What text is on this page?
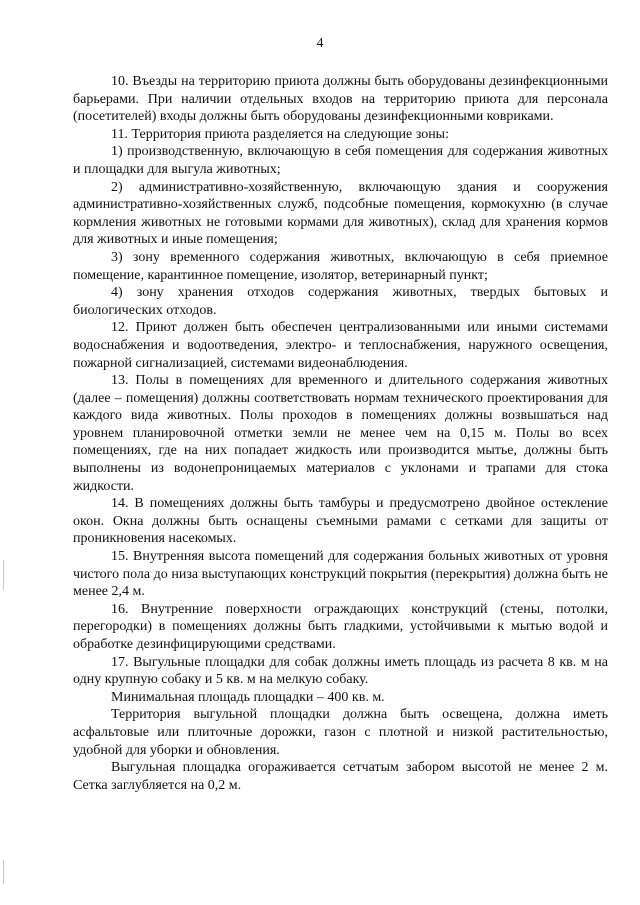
4

10. Въезды на территорию приюта должны быть оборудованы дезинфекционными барьерами. При наличии отдельных входов на территорию приюта для персонала (посетителей) входы должны быть оборудованы дезинфекционными ковриками.

11. Территория приюта разделяется на следующие зоны:

1) производственную, включающую в себя помещения для содержания животных и площадки для выгула животных;

2) административно-хозяйственную, включающую здания и сооружения административно-хозяйственных служб, подсобные помещения, кормокухню (в случае кормления животных не готовыми кормами для животных), склад для хранения кормов для животных и иные помещения;

3) зону временного содержания животных, включающую в себя приемное помещение, карантинное помещение, изолятор, ветеринарный пункт;

4) зону хранения отходов содержания животных, твердых бытовых и биологических отходов.

12. Приют должен быть обеспечен централизованными или иными системами водоснабжения и водоотведения, электро- и теплоснабжения, наружного освещения, пожарной сигнализацией, системами видеонаблюдения.

13. Полы в помещениях для временного и длительного содержания животных (далее – помещения) должны соответствовать нормам технического проектирования для каждого вида животных. Полы проходов в помещениях должны возвышаться над уровнем планировочной отметки земли не менее чем на 0,15 м. Полы во всех помещениях, где на них попадает жидкость или производится мытье, должны быть выполнены из водонепроницаемых материалов с уклонами и трапами для стока жидкости.

14. В помещениях должны быть тамбуры и предусмотрено двойное остекление окон. Окна должны быть оснащены съемными рамами с сетками для защиты от проникновения насекомых.

15. Внутренняя высота помещений для содержания больных животных от уровня чистого пола до низа выступающих конструкций покрытия (перекрытия) должна быть не менее 2,4 м.

16. Внутренние поверхности ограждающих конструкций (стены, потолки, перегородки) в помещениях должны быть гладкими, устойчивыми к мытью водой и обработке дезинфицирующими средствами.

17. Выгульные площадки для собак должны иметь площадь из расчета 8 кв. м на одну крупную собаку и 5 кв. м на мелкую собаку.

Минимальная площадь площадки – 400 кв. м.

Территория выгульной площадки должна быть освещена, должна иметь асфальтовые или плиточные дорожки, газон с плотной и низкой растительностью, удобной для уборки и обновления.

Выгульная площадка огораживается сетчатым забором высотой не менее 2 м. Сетка заглубляется на 0,2 м.
